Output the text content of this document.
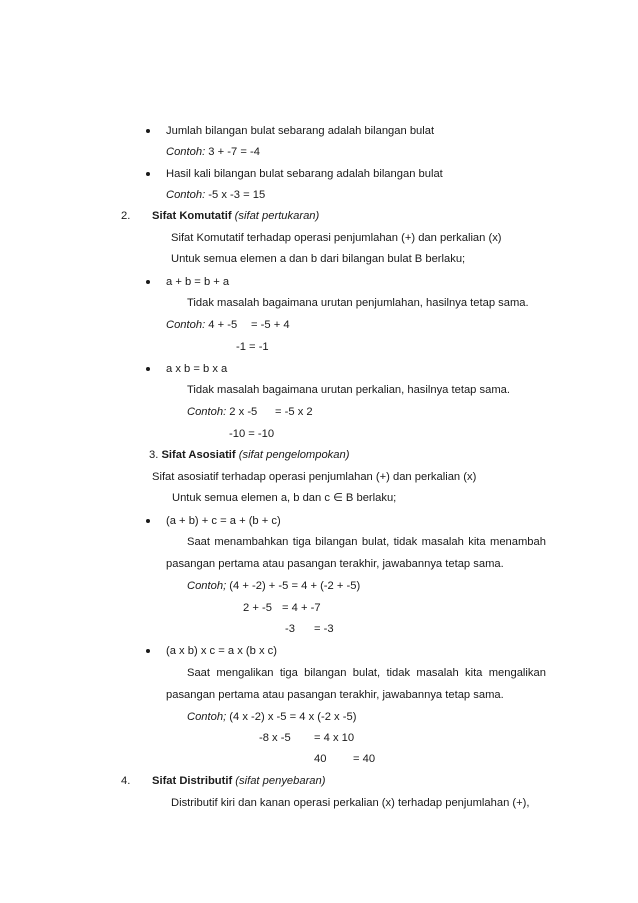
Jumlah bilangan bulat sebarang adalah bilangan bulat
Contoh: 3 + -7 = -4
Hasil kali bilangan bulat sebarang adalah bilangan bulat
Contoh: -5 x -3 = 15
2. Sifat Komutatif (sifat pertukaran)
Sifat Komutatif terhadap operasi penjumlahan (+) dan perkalian (x)
Untuk semua elemen a dan b dari bilangan bulat B berlaku;
a + b = b + a
Tidak masalah bagaimana urutan penjumlahan, hasilnya tetap sama.
Contoh: 4 + -5 = -5 + 4
-1 = -1
a x b = b x a
Tidak masalah bagaimana urutan perkalian, hasilnya tetap sama.
Contoh: 2 x -5 = -5 x 2
-10 = -10
3. Sifat Asosiatif (sifat pengelompokan)
Sifat asosiatif terhadap operasi penjumlahan (+) dan perkalian (x)
Untuk semua elemen a, b dan c ∈ B berlaku;
(a + b) + c = a + (b + c)
Saat menambahkan tiga bilangan bulat, tidak masalah kita menambah
pasangan pertama atau pasangan terakhir, jawabannya tetap sama.
Contoh; (4 + -2) + -5 = 4 + (-2 + -5)
2 + -5 = 4 + -7
-3 = -3
(a x b) x c = a x (b x c)
Saat mengalikan tiga bilangan bulat, tidak masalah kita mengalikan
pasangan pertama atau pasangan terakhir, jawabannya tetap sama.
Contoh; (4 x -2) x -5 = 4 x (-2 x -5)
-8 x -5 = 4 x 10
40 = 40
4. Sifat Distributif (sifat penyebaran)
Distributif kiri dan kanan operasi perkalian (x) terhadap penjumlahan (+),
